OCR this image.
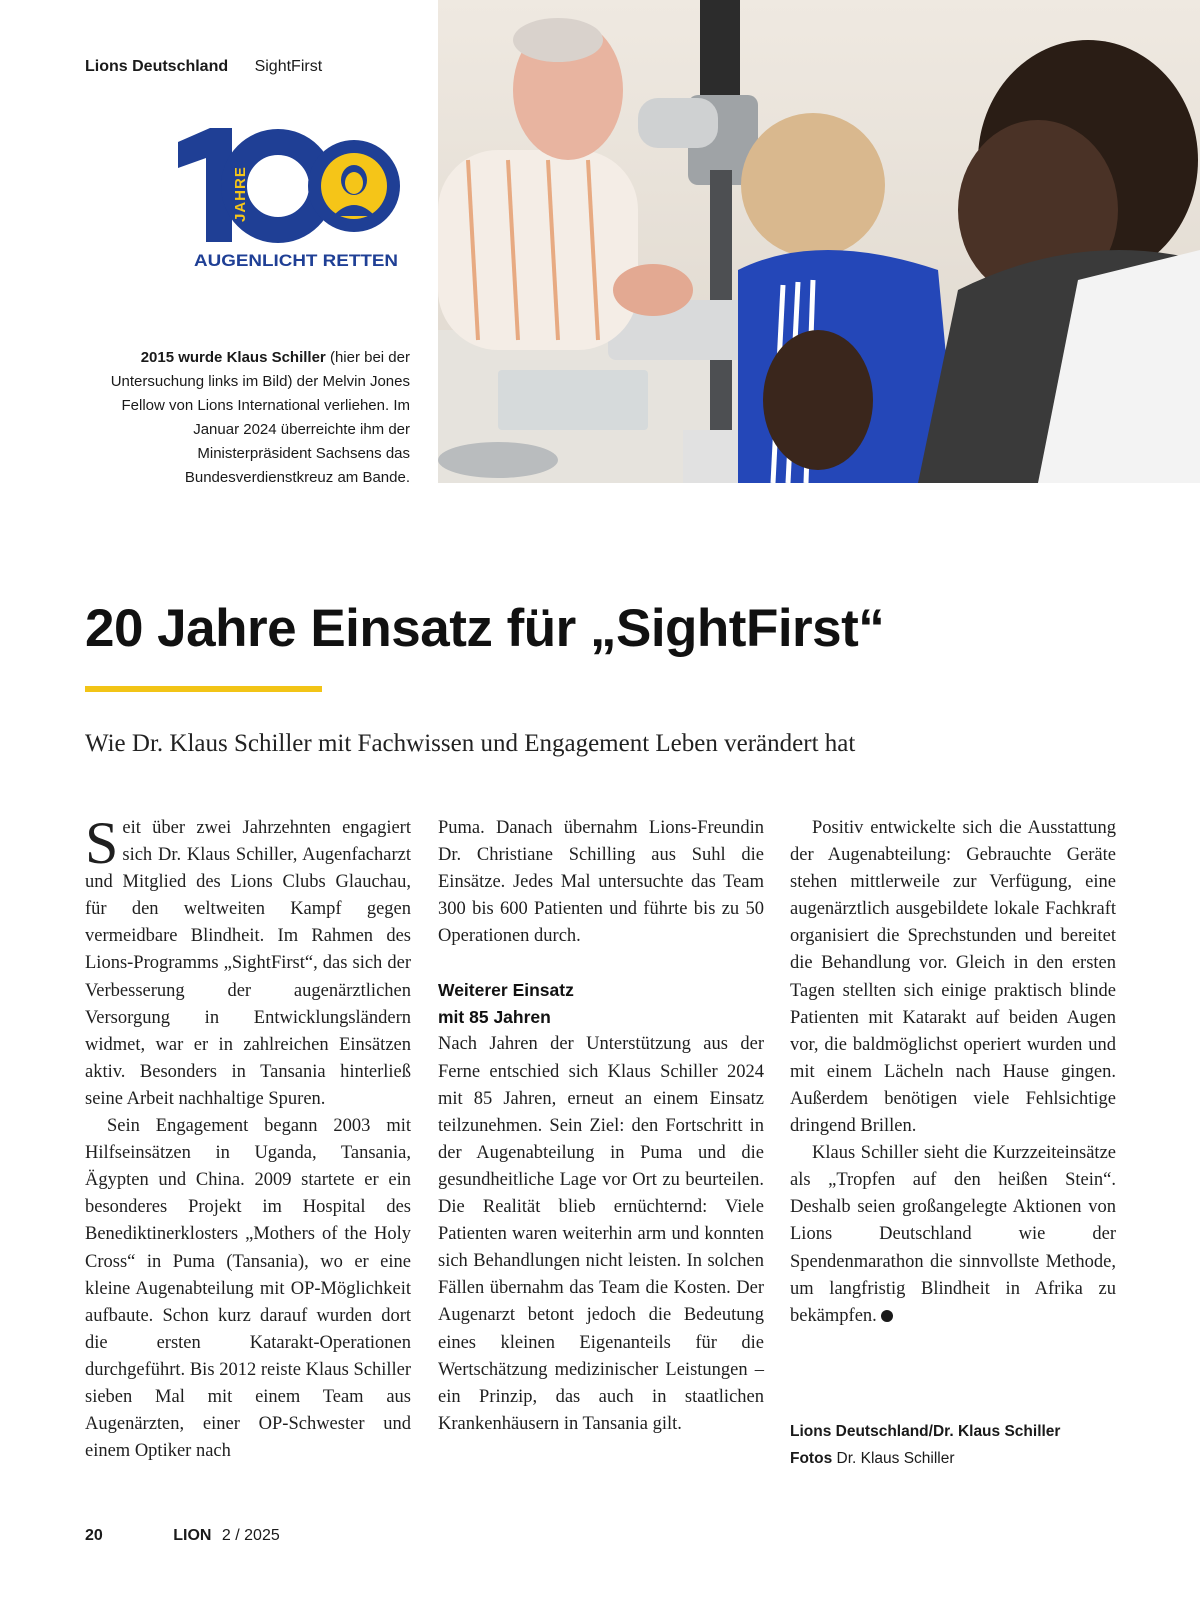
Lions Deutschland SightFirst
JAHRE
AUGENLICHT RETTEN
2015 wurde Klaus Schiller (hier bei der Untersuchung links im Bild) der Melvin Jones Fellow von Lions International verliehen. Im Januar 2024 überreichte ihm der Ministerpräsident Sachsens das Bundesverdienstkreuz am Bande.
20 Jahre Einsatz für „SightFirst“
Wie Dr. Klaus Schiller mit Fachwissen und Engagement Leben verändert hat

Seit über zwei Jahrzehnten engagiert sich Dr. Klaus Schiller, Augenfacharzt und Mitglied des Lions Clubs Glauchau, für den weltweiten Kampf gegen vermeidbare Blindheit. Im Rahmen des Lions-Programms „SightFirst“, das sich der Verbesserung der augenärztlichen Versorgung in Entwicklungsländern widmet, war er in zahlreichen Einsätzen aktiv. Besonders in Tansania hinterließ seine Arbeit nachhaltige Spuren.

Sein Engagement begann 2003 mit Hilfseinsätzen in Uganda, Tansania, Ägypten und China. 2009 startete er ein besonderes Projekt im Hospital des Benediktinerklosters „Mothers of the Holy Cross“ in Puma (Tansania), wo er eine kleine Augenabteilung mit OP-Möglichkeit aufbaute. Schon kurz darauf wurden dort die ersten Katarakt-Operationen durchgeführt. Bis 2012 reiste Klaus Schiller sieben Mal mit einem Team aus Augenärzten, einer OP-Schwester und einem Optiker nach

Puma. Danach übernahm Lions-Freundin Dr. Christiane Schilling aus Suhl die Einsätze. Jedes Mal untersuchte das Team 300 bis 600 Patienten und führte bis zu 50 Operationen durch.

Weiterer Einsatz
mit 85 Jahren

Nach Jahren der Unterstützung aus der Ferne entschied sich Klaus Schiller 2024 mit 85 Jahren, erneut an einem Einsatz teilzunehmen. Sein Ziel: den Fortschritt in der Augenabteilung in Puma und die gesundheitliche Lage vor Ort zu beurteilen. Die Realität blieb ernüchternd: Viele Patienten waren weiterhin arm und konnten sich Behandlungen nicht leisten. In solchen Fällen übernahm das Team die Kosten. Der Augenarzt betont jedoch die Bedeutung eines kleinen Eigenanteils für die Wertschätzung medizinischer Leistungen – ein Prinzip, das auch in staatlichen Krankenhäusern in Tansania gilt.

Positiv entwickelte sich die Ausstattung der Augenabteilung: Gebrauchte Geräte stehen mittlerweile zur Verfügung, eine augenärztlich ausgebildete lokale Fachkraft organisiert die Sprechstunden und bereitet die Behandlung vor. Gleich in den ersten Tagen stellten sich einige praktisch blinde Patienten mit Katarakt auf beiden Augen vor, die baldmöglichst operiert wurden und mit einem Lächeln nach Hause gingen. Außerdem benötigen viele Fehlsichtige dringend Brillen.

Klaus Schiller sieht die Kurzzeiteinsätze als „Tropfen auf den heißen Stein“. Deshalb seien großangelegte Aktionen von Lions Deutschland wie der Spendenmarathon die sinnvollste Methode, um langfristig Blindheit in Afrika zu bekämpfen.	L

Lions Deutschland/Dr. Klaus Schiller
Fotos Dr. Klaus Schiller
20	LION 2 / 2025
